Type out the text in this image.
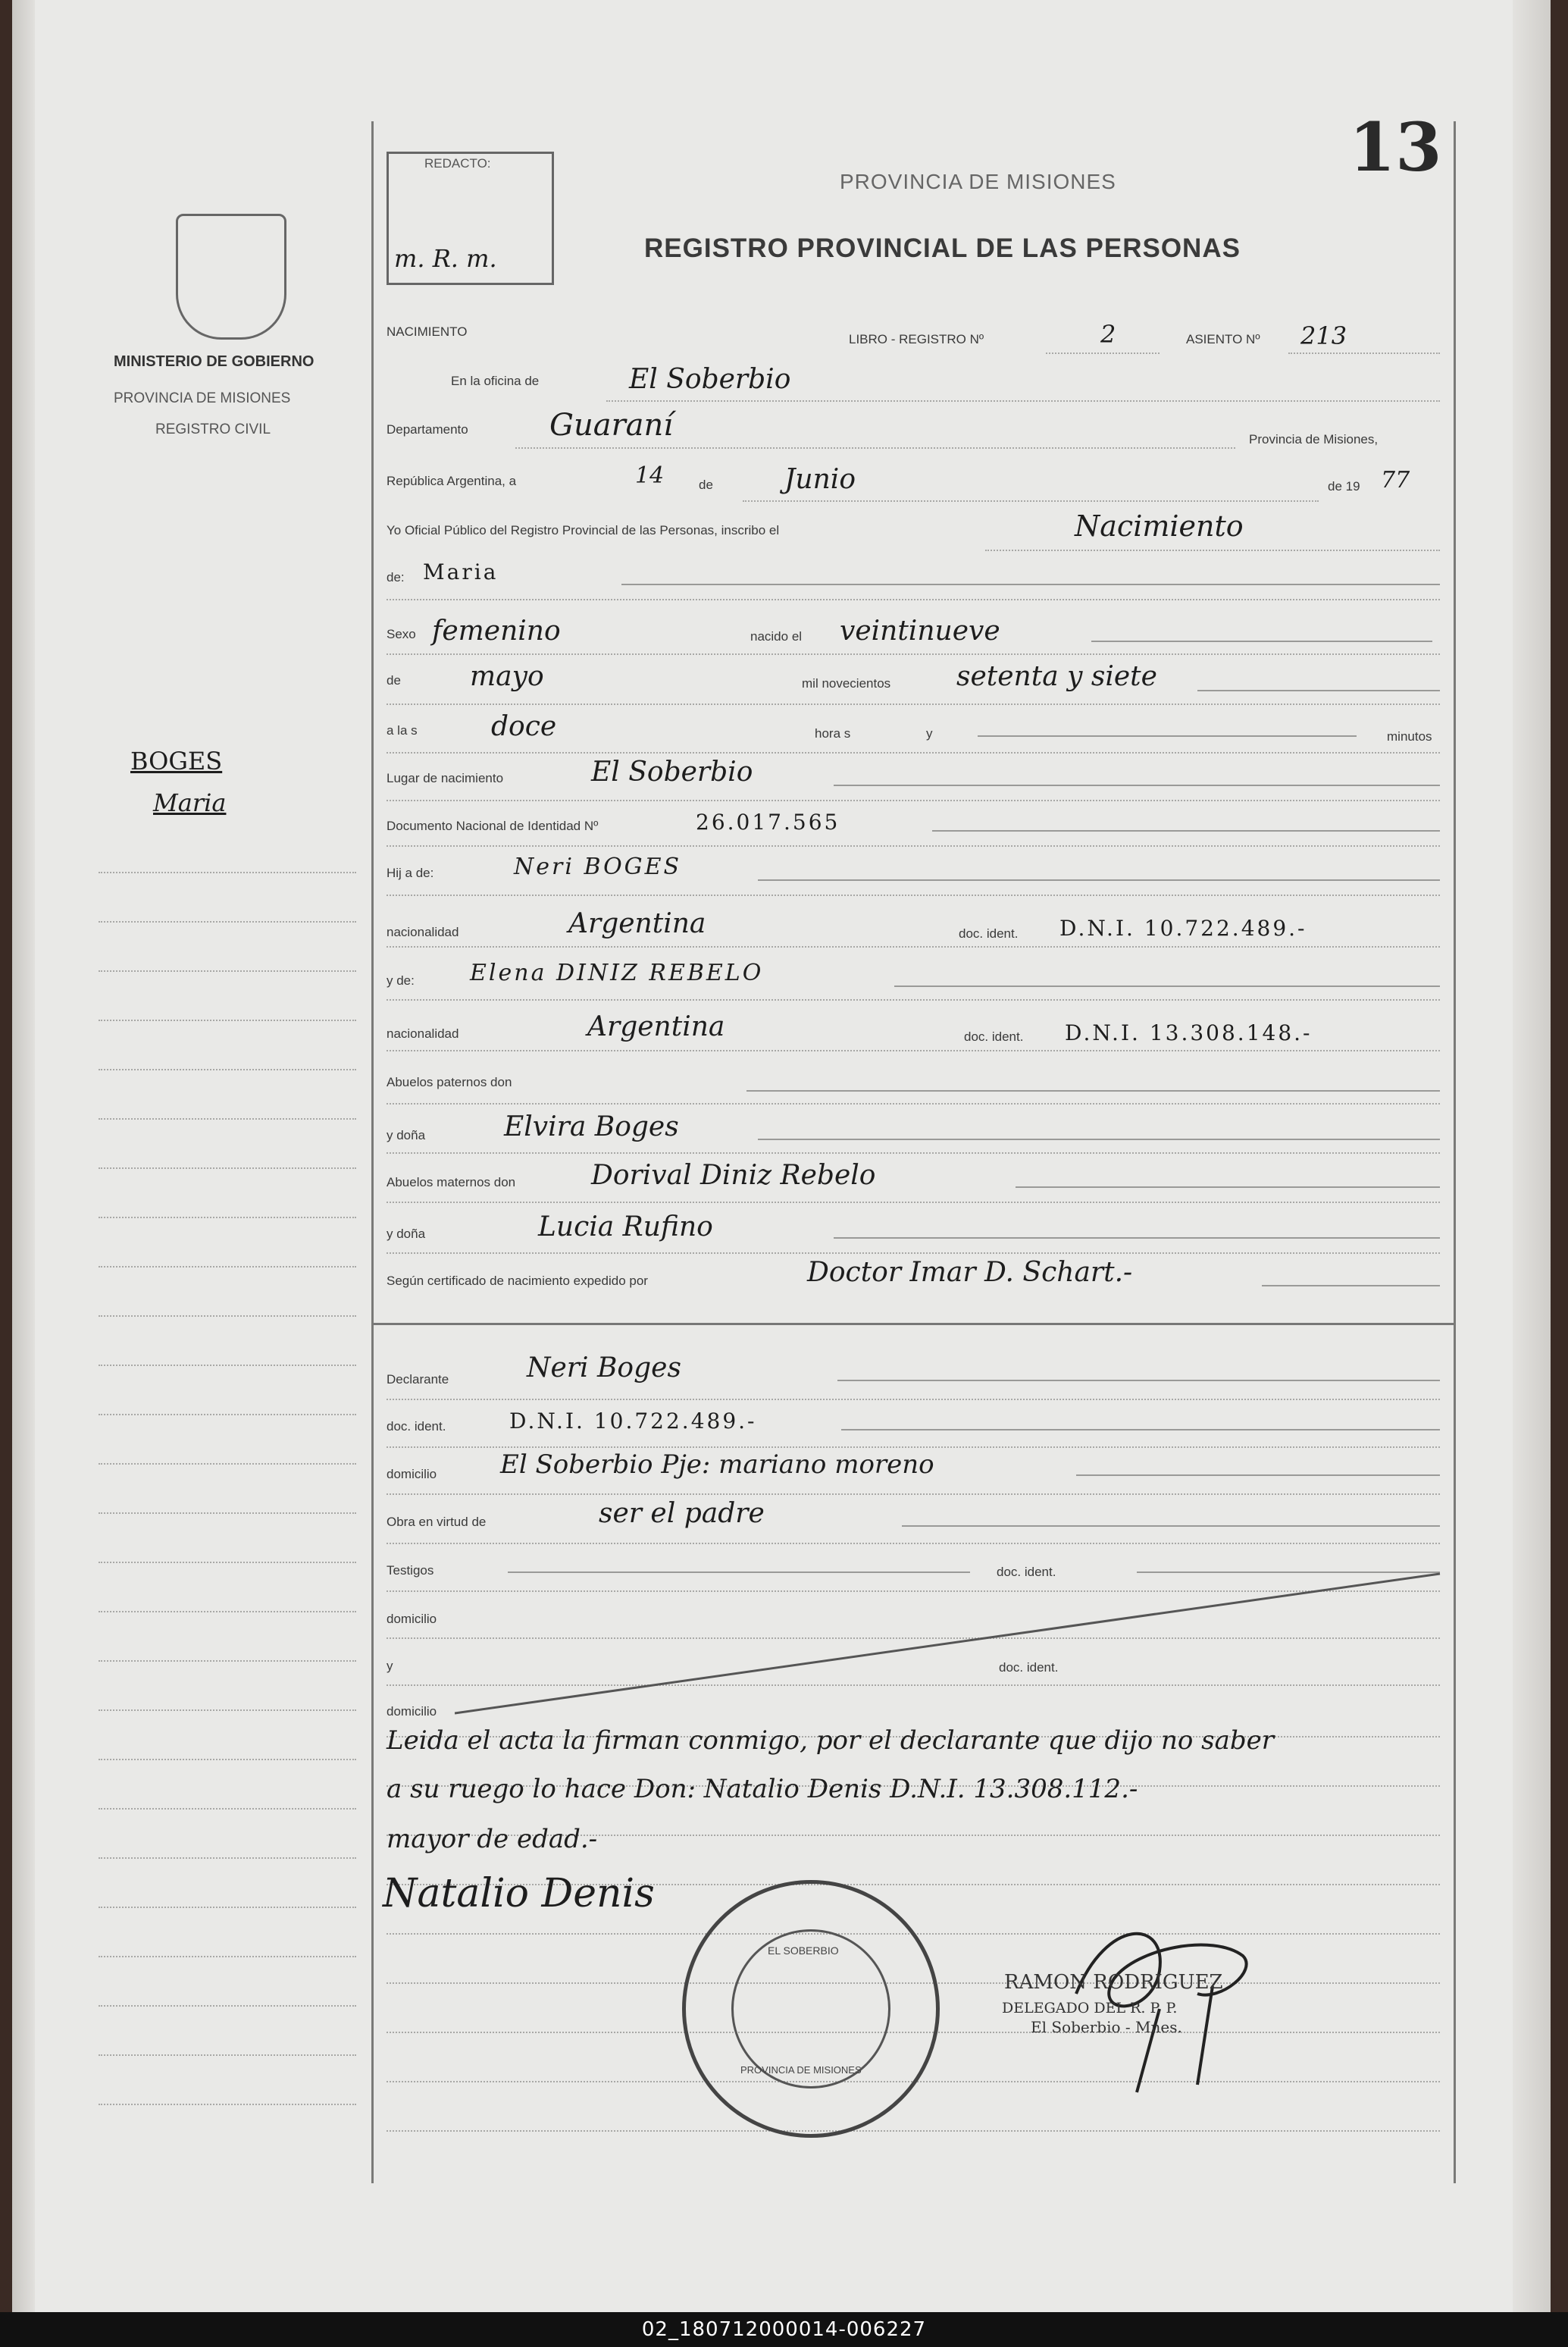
MINISTERIO DE GOBIERNO
PROVINCIA DE MISIONES
REGISTRO CIVIL
BOGES
Maria
REDACTO:
m. R. m.
13
PROVINCIA DE MISIONES
REGISTRO PROVINCIAL DE LAS PERSONAS
NACIMIENTO
LIBRO - REGISTRO Nº	2	ASIENTO Nº 213
En la oficina de	El Soberbio
Departamento	Guaraní	Provincia de Misiones,
República Argentina, a	14	de	Junio	de 19 77
Yo Oficial Público del Registro Provincial de las Personas, inscribo el	Nacimiento
de: Maria
Sexo femenino	nacido el veintinueve
de	mayo	mil novecientos setenta y siete
a la s	doce	hora s	y	minutos
Lugar de nacimiento	El Soberbio
Documento Nacional de Identidad Nº	26.017.565
Hij a de:	Neri BOGES
nacionalidad	Argentina	doc. ident. D.N.I. 10.722.489.-
y de: Elena DINIZ REBELO
nacionalidad	Argentina	doc. ident. D.N.I. 13.308.148.-
Abuelos paternos don
y doña	Elvira Boges
Abuelos maternos don	Dorival Diniz Rebelo
y doña	Lucia Rufino
Según certificado de nacimiento expedido por	Doctor Imar D. Schart.-
Declarante	Neri Boges
doc. ident.	D.N.I. 10.722.489.-
domicilio El Soberbio Pje: mariano moreno
Obra en virtud de	ser el padre
Testigos	doc. ident.
domicilio
y	doc. ident.
domicilio
Leida el acta la firman conmigo, por el declarante que dijo no saber
a su ruego lo hace Don: Natalio Denis D.N.I. 13.308.112.-
mayor de edad.-
Natalio Denis
EL SOBERBIO
PROVINCIA DE MISIONES
RAMON RODRIGUEZ
DELEGADO DEL R. P. P.
El Soberbio - Mnes.
02_180712000014-006227
